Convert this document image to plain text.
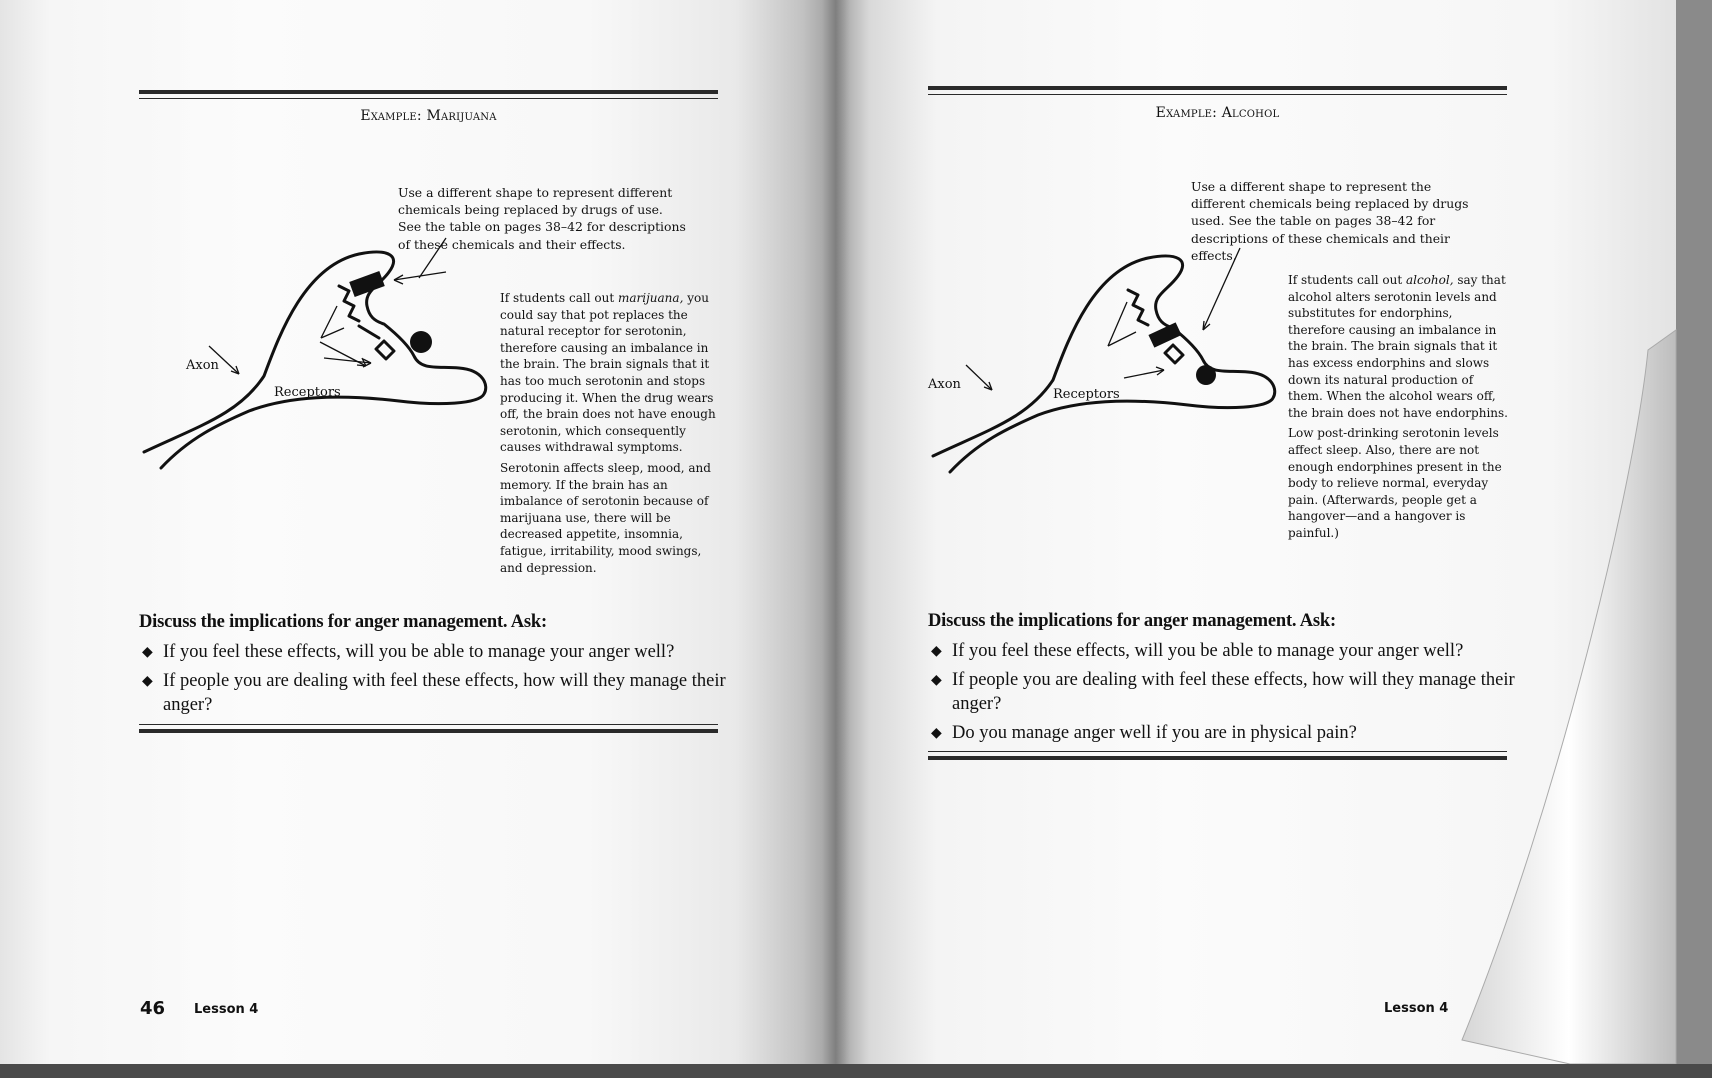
Example: Marijuana
Use a different shape to represent different chemicals being replaced by drugs of use. See the table on pages 38–42 for descriptions of these chemicals and their effects.
Axon
Receptors

If students call out marijuana, you could say that pot replaces the natural receptor for serotonin, therefore causing an imbalance in the brain. The brain signals that it has too much serotonin and stops producing it. When the drug wears off, the brain does not have enough serotonin, which consequently causes withdrawal symptoms.

Serotonin affects sleep, mood, and memory. If the brain has an imbalance of serotonin because of marijuana use, there will be decreased appetite, insomnia, fatigue, irritability, mood swings, and depression.

Discuss the implications for anger management. Ask:
◆ If you feel these effects, will you be able to manage your anger well?
◆ If people you are dealing with feel these effects, how will they manage their anger?
46 Lesson 4
Example: Alcohol
Use a different shape to represent the different chemicals being replaced by drugs used. See the table on pages 38–42 for descriptions of these chemicals and their effects.
Axon
Receptors

If students call out alcohol, say that alcohol alters serotonin levels and substitutes for endorphins, therefore causing an imbalance in the brain. The brain signals that it has excess endorphins and slows down its natural production of them. When the alcohol wears off, the brain does not have endorphins.

Low post-drinking serotonin levels affect sleep. Also, there are not enough endorphines present in the body to relieve normal, everyday pain. (Afterwards, people get a hangover—and a hangover is painful.)

Discuss the implications for anger management. Ask:
◆ If you feel these effects, will you be able to manage your anger well?
◆ If people you are dealing with feel these effects, how will they manage their anger?
◆ Do you manage anger well if you are in physical pain?
Lesson 4
